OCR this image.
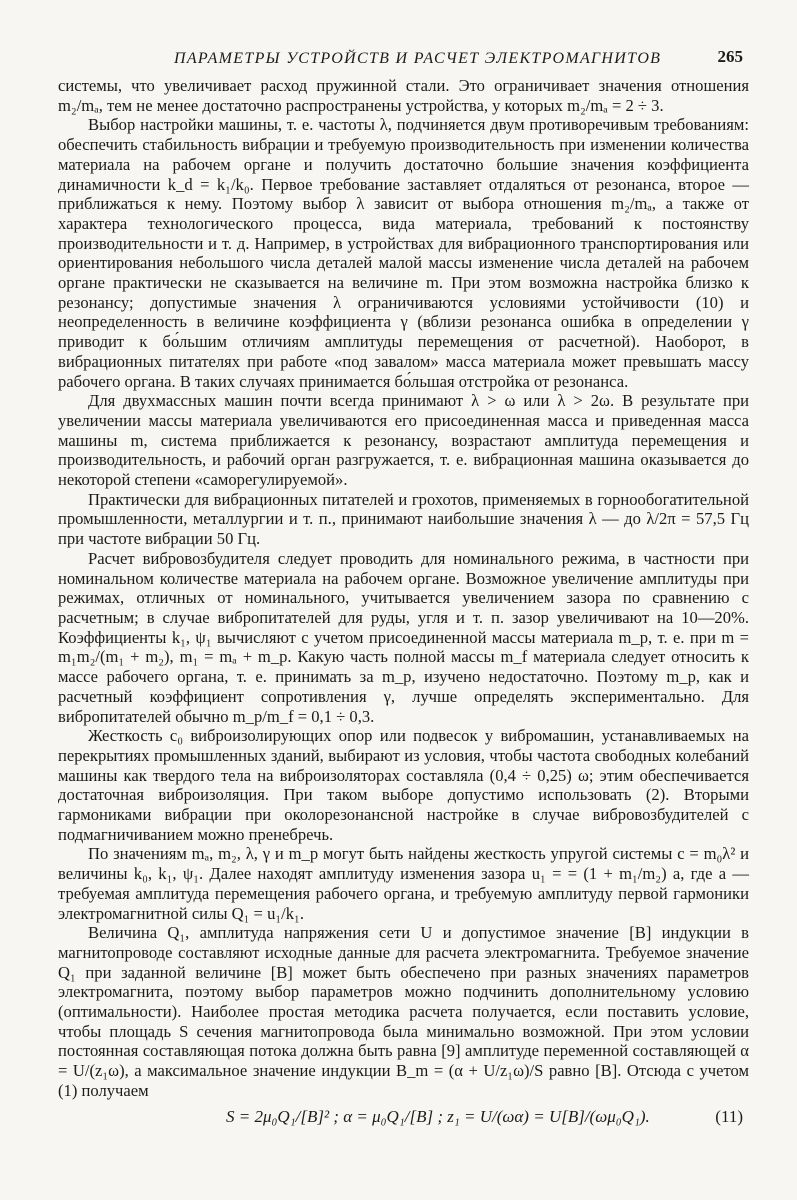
ПАРАМЕТРЫ УСТРОЙСТВ И РАСЧЕТ ЭЛЕКТРОМАГНИТОВ	265

системы, что увеличивает расход пружинной стали. Это ограничивает значения отношения m₂/mₐ, тем не менее достаточно распространены устройства, у которых m₂/mₐ = 2 ÷ 3.

Выбор настройки машины, т. е. частоты λ, подчиняется двум противоречивым требованиям: обеспечить стабильность вибрации и требуемую производительность при изменении количества материала на рабочем органе и получить достаточно большие значения коэффициента динамичности k_d = k₁/k₀. Первое требование заставляет отдаляться от резонанса, второе — приближаться к нему. Поэтому выбор λ зависит от выбора отношения m₂/mₐ, а также от характера технологического процесса, вида материала, требований к постоянству производительности и т. д. Например, в устройствах для вибрационного транспортирования или ориентирования небольшого числа деталей малой массы изменение числа деталей на рабочем органе практически не сказывается на величине m. При этом возможна настройка близко к резонансу; допустимые значения λ ограничиваются условиями устойчивости (10) и неопределенность в величине коэффициента γ (вблизи резонанса ошибка в определении γ приводит к бо́льшим отличиям амплитуды перемещения от расчетной). Наоборот, в вибрационных питателях при работе «под завалом» масса материала может превышать массу рабочего органа. В таких случаях принимается бо́льшая отстройка от резонанса.

Для двухмассных машин почти всегда принимают λ > ω или λ > 2ω. В результате при увеличении массы материала увеличиваются его присоединенная масса и приведенная масса машины m, система приближается к резонансу, возрастают амплитуда перемещения и производительность, и рабочий орган разгружается, т. е. вибрационная машина оказывается до некоторой степени «саморегулируемой».

Практически для вибрационных питателей и грохотов, применяемых в горнообогатительной промышленности, металлургии и т. п., принимают наибольшие значения λ — до λ/2π = 57,5 Гц при частоте вибрации 50 Гц.

Расчет вибровозбудителя следует проводить для номинального режима, в частности при номинальном количестве материала на рабочем органе. Возможное увеличение амплитуды при режимах, отличных от номинального, учитывается увеличением зазора по сравнению с расчетным; в случае вибропитателей для руды, угля и т. п. зазор увеличивают на 10—20%. Коэффициенты k₁, ψ₁ вычисляют с учетом присоединенной массы материала m_p, т. е. при m = m₁m₂/(m₁ + m₂), m₁ = mₐ + m_p. Какую часть полной массы m_f материала следует относить к массе рабочего органа, т. е. принимать за m_p, изучено недостаточно. Поэтому m_p, как и расчетный коэффициент сопротивления γ, лучше определять экспериментально. Для вибропитателей обычно m_p/m_f = 0,1 ÷ 0,3.

Жесткость c₀ виброизолирующих опор или подвесок у вибромашин, устанавливаемых на перекрытиях промышленных зданий, выбирают из условия, чтобы частота свободных колебаний машины как твердого тела на виброизоляторах составляла (0,4 ÷ 0,25) ω; этим обеспечивается достаточная виброизоляция. При таком выборе допустимо использовать (2). Вторыми гармониками вибрации при околорезонансной настройке в случае вибровозбудителей с подмагничиванием можно пренебречь.

По значениям mₐ, m₂, λ, γ и m_p могут быть найдены жесткость упругой системы c = m₀λ² и величины k₀, k₁, ψ₁. Далее находят амплитуду изменения зазора u₁ = = (1 + m₁/m₂) a, где a — требуемая амплитуда перемещения рабочего органа, и требуемую амплитуду первой гармоники электромагнитной силы Q₁ = u₁/k₁.

Величина Q₁, амплитуда напряжения сети U и допустимое значение [B] индукции в магнитопроводе составляют исходные данные для расчета электромагнита. Требуемое значение Q₁ при заданной величине [B] может быть обеспечено при разных значениях параметров электромагнита, поэтому выбор параметров можно подчинить дополнительному условию (оптимальности). Наиболее простая методика расчета получается, если поставить условие, чтобы площадь S сечения магнитопровода была минимально возможной. При этом условии постоянная составляющая потока должна быть равна [9] амплитуде переменной составляющей α = U/(z₁ω), а максимальное значение индукции B_m = (α + U/z₁ω)/S равно [B]. Отсюда с учетом (1) получаем

S = 2μ₀Q₁/[B]² ; α = μ₀Q₁/[B] ; z₁ = U/(ωα) = U[B]/(ωμ₀Q₁).	(11)
